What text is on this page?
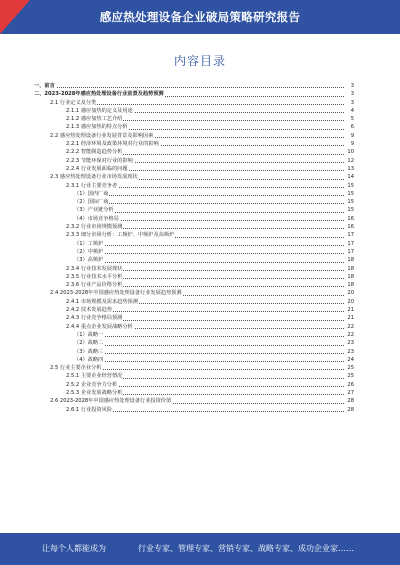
感应热处理设备企业破局策略研究报告
内容目录
一、前言	3
二、2023-2028年感应热处理设备行业前景及趋势预测	3
2.1 行业定义及分类	3
2.1.1 感应加热的定义及用途	4
2.1.2 感应加热工艺介绍	5
2.1.3 感应加热的特点分析	6
2.2 感应热处理设备行业发展背景及影响因素	9
2.2.1 经济环境及政策环境对行业的影响	9
2.2.2 智能制造趋势分析	10
2.2.3 节能环保对行业的影响	12
2.2.4 行业发展面临的问题	13
2.3 感应热处理设备行业市场发展现状	14
2.3.1 行业主要竞争者	15
（1）国内厂商	15
（2）国际厂商	15
（3）产业链分析	15
（4）市场竞争格局	16
2.3.2 行业市场规模预测	16
2.3.3 细分市场分析：工频炉、中频炉及高频炉	17
（1）工频炉	17
（2）中频炉	17
（3）高频炉	18
2.3.4 行业技术发展现状	18
2.3.5 行业技术水平分析	18
2.3.6 行业产品价格分析	18
2.4 2023-2028年中国感应热处理设备行业发展趋势预测	20
2.4.1 市场规模及需求趋势预测	20
2.4.2 技术发展趋势	21
2.4.3 行业竞争格局预测	21
2.4.4 重点企业发展战略分析	22
（1）战略一	22
（2）战略二	23
（3）战略三	23
（4）战略四	24
2.5 行业主要企业分析	25
2.5.1 主要企业经营情况	25
2.5.2 企业竞争力分析	26
2.5.3 企业发展战略分析	27
2.6 2023-2028年中国感应热处理设备行业投资价值	28
2.6.1 行业投资风险	28
让每个人都能成为	行业专家、管理专家、营销专家、战略专家、成功企业家……
